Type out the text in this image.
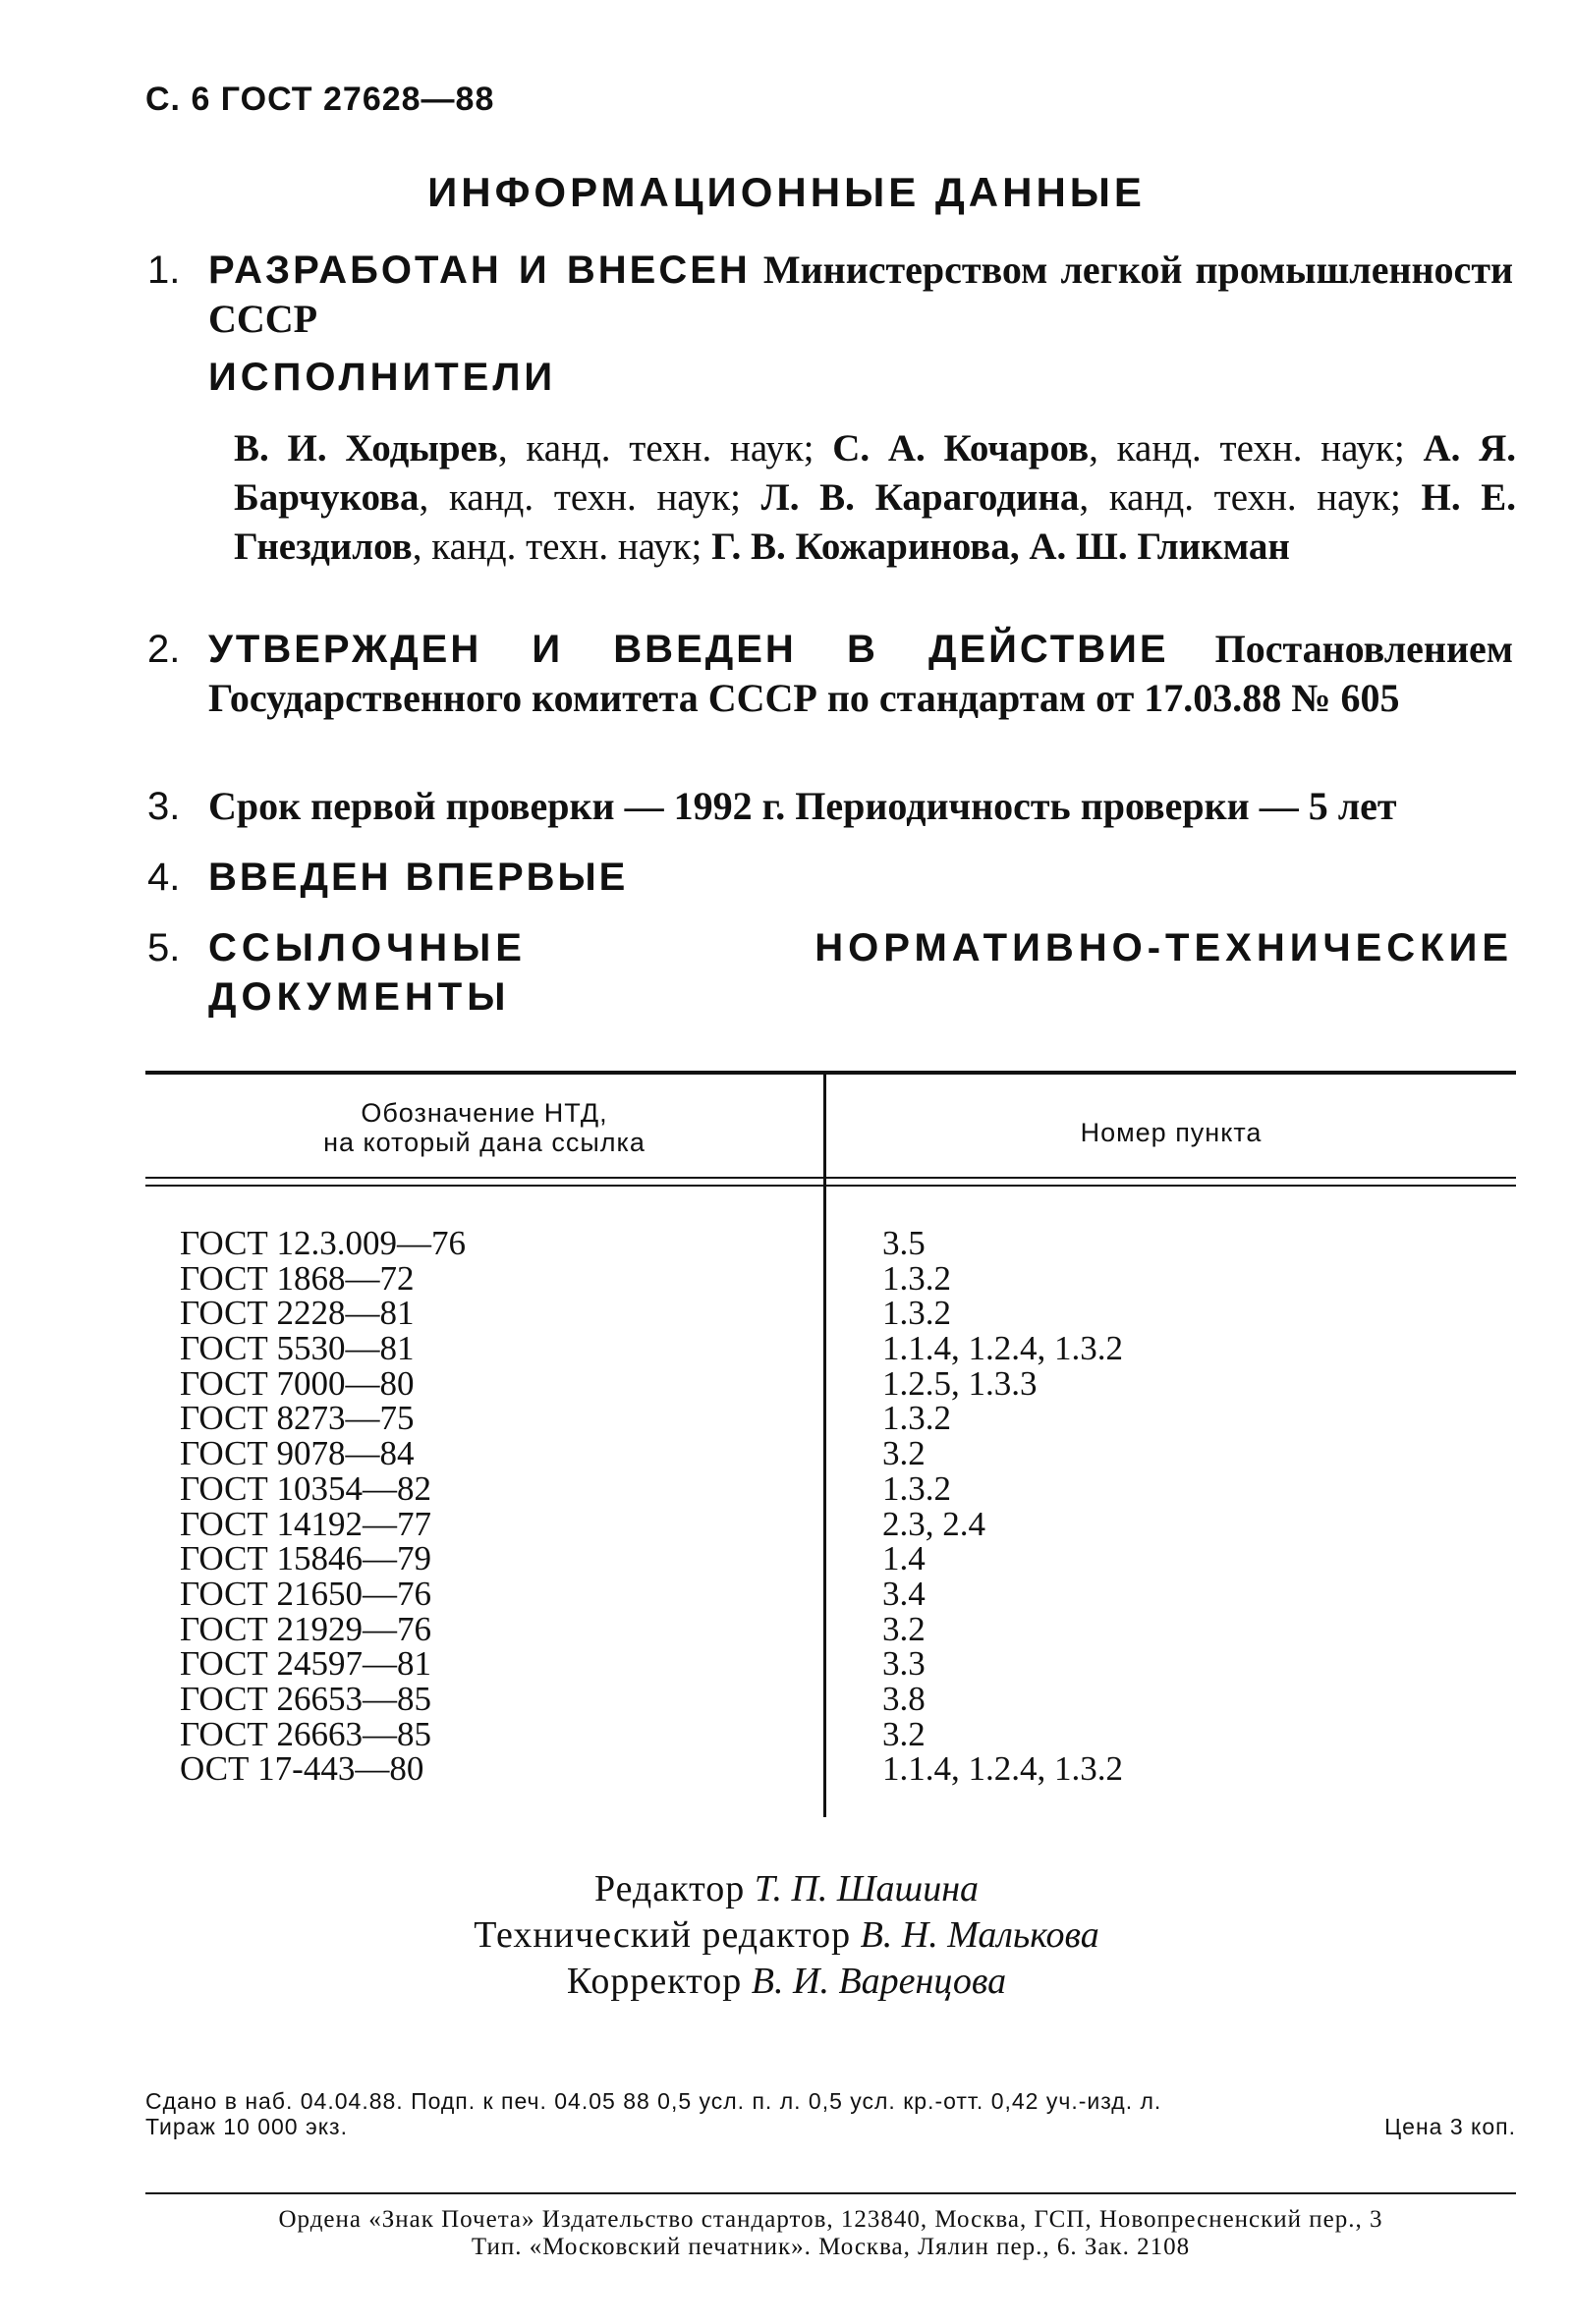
С. 6 ГОСТ 27628—88
ИНФОРМАЦИОННЫЕ ДАННЫЕ
1. РАЗРАБОТАН И ВНЕСЕН Министерством легкой промышленности СССР
ИСПОЛНИТЕЛИ
В. И. Ходырев, канд. техн. наук; С. А. Кочаров, канд. техн. наук; А. Я. Барчукова, канд. техн. наук; Л. В. Карагодина, канд. техн. наук; Н. Е. Гнездилов, канд. техн. наук; Г. В. Кожаринова, А. Ш. Гликман
2. УТВЕРЖДЕН И ВВЕДЕН В ДЕЙСТВИЕ Постановлением Государственного комитета СССР по стандартам от 17.03.88 № 605
3. Срок первой проверки — 1992 г. Периодичность проверки — 5 лет
4. ВВЕДЕН ВПЕРВЫЕ
5. ССЫЛОЧНЫЕ НОРМАТИВНО-ТЕХНИЧЕСКИЕ ДОКУМЕНТЫ
Обозначение НТД,
на который дана ссылка	Номер пункта
ГОСТ 12.3.009—76	3.5
ГОСТ 1868—72	1.3.2
ГОСТ 2228—81	1.3.2
ГОСТ 5530—81	1.1.4, 1.2.4, 1.3.2
ГОСТ 7000—80	1.2.5, 1.3.3
ГОСТ 8273—75	1.3.2
ГОСТ 9078—84	3.2
ГОСТ 10354—82	1.3.2
ГОСТ 14192—77	2.3, 2.4
ГОСТ 15846—79	1.4
ГОСТ 21650—76	3.4
ГОСТ 21929—76	3.2
ГОСТ 24597—81	3.3
ГОСТ 26653—85	3.8
ГОСТ 26663—85	3.2
ОСТ 17-443—80	1.1.4, 1.2.4, 1.3.2
Редактор Т. П. Шашина
Технический редактор В. Н. Малькова
Корректор В. И. Варенцова
Сдано в наб. 04.04.88. Подп. к печ. 04.05 88 0,5 усл. п. л. 0,5 усл. кр.-отт. 0,42 уч.-изд. л.
Тираж 10 000 экз.	Цена 3 коп.
Ордена «Знак Почета» Издательство стандартов, 123840, Москва, ГСП, Новопресненский пер., 3
Тип. «Московский печатник». Москва, Лялин пер., 6. Зак. 2108
